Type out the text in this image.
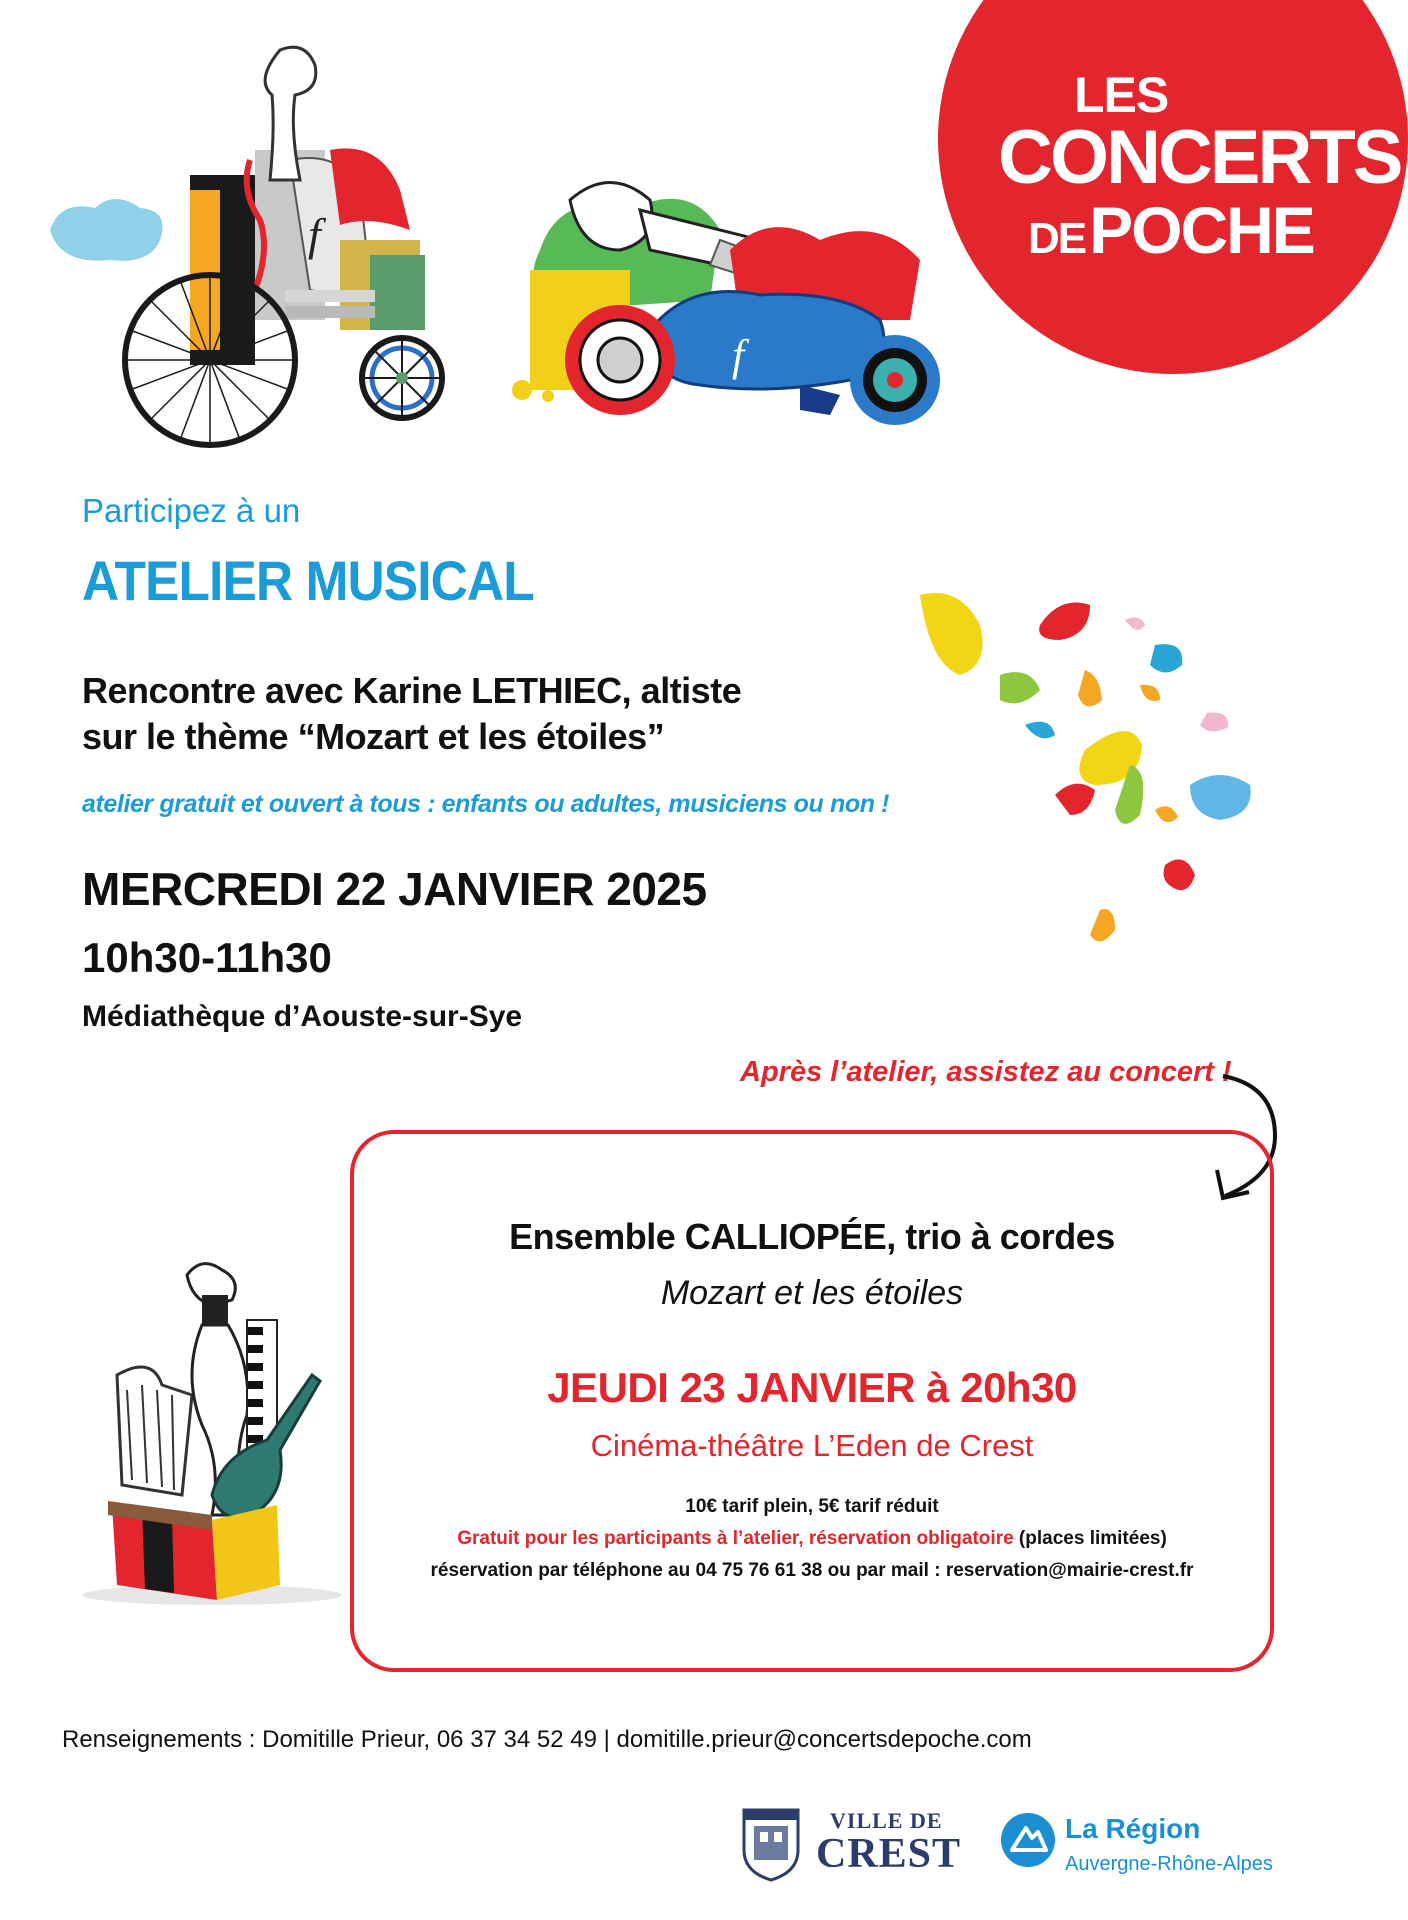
f
f
LES
CONCERTS
DEPOCHE
Participez à un
ATELIER MUSICAL
Rencontre avec Karine LETHIEC, altiste
sur le thème “Mozart et les étoiles”
atelier gratuit et ouvert à tous : enfants ou adultes, musiciens ou non !
MERCREDI 22 JANVIER 2025
10h30-11h30
Médiathèque d’Aouste-sur-Sye
Après l’atelier, assistez au concert !
Ensemble CALLIOPÉE, trio à cordes
Mozart et les étoiles
JEUDI 23 JANVIER à 20h30
Cinéma-théâtre L’Eden de Crest
10€ tarif plein, 5€ tarif réduit
Gratuit pour les participants à l’atelier, réservation obligatoire (places limitées)
réservation par téléphone au 04 75 76 61 38 ou par mail : reservation@mairie-crest.fr
Renseignements : Domitille Prieur, 06 37 34 52 49 | domitille.prieur@concertsdepoche.com
VILLE DE
CREST
La Région
Auvergne-Rhône-Alpes
